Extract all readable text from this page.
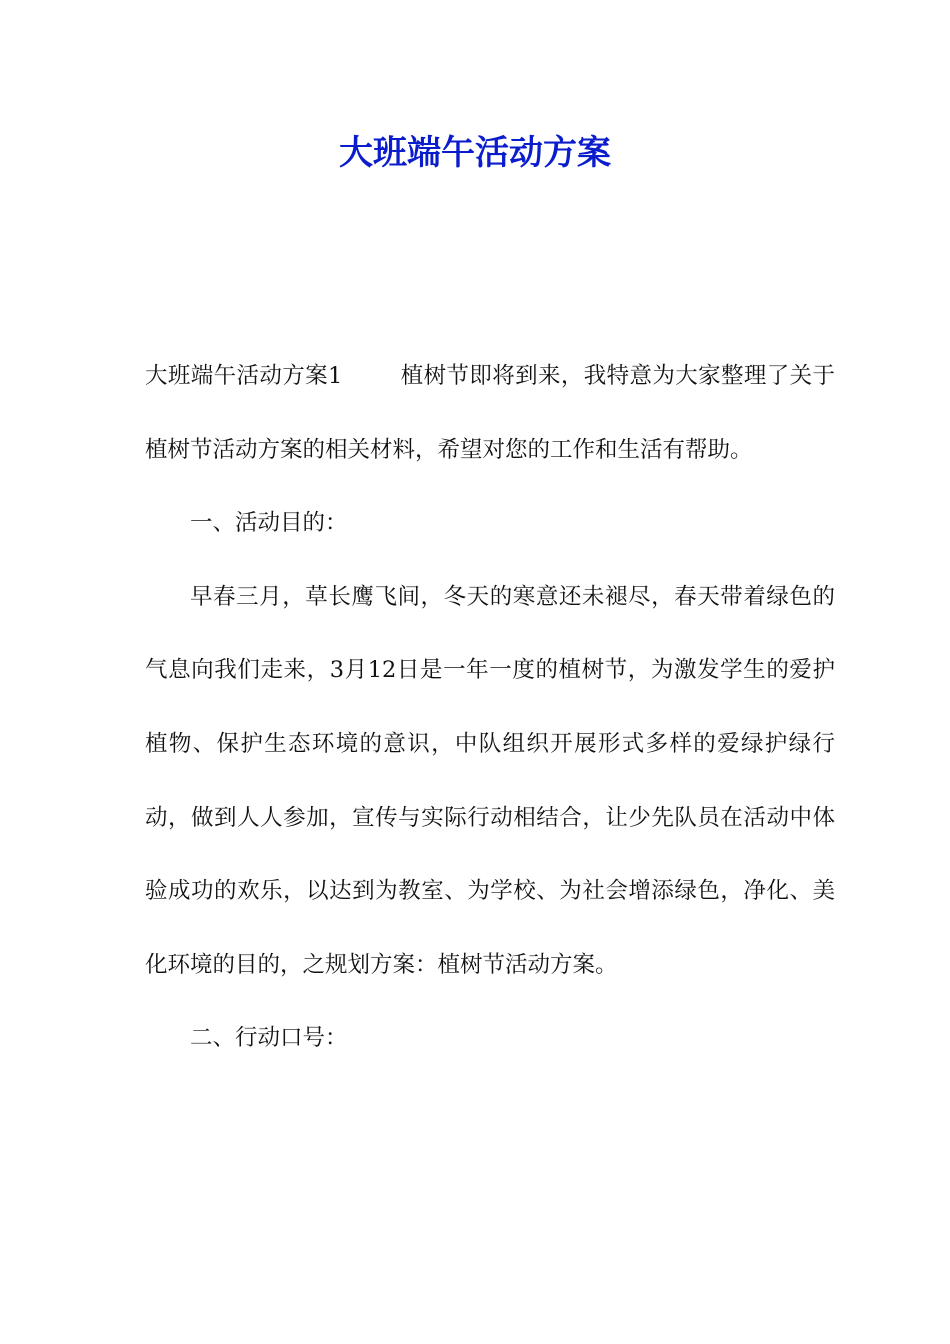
大班端午活动方案

大班端午活动方案1	植树节即将到来，我特意为大家整理了关于植树节活动方案的相关材料，希望对您的工作和生活有帮助。

一、活动目的：

早春三月，草长鹰飞间，冬天的寒意还未褪尽，春天带着绿色的气息向我们走来，3月12日是一年一度的植树节，为激发学生的爱护植物、保护生态环境的意识，中队组织开展形式多样的爱绿护绿行动，做到人人参加，宣传与实际行动相结合，让少先队员在活动中体验成功的欢乐，以达到为教室、为学校、为社会增添绿色，净化、美化环境的目的，之规划方案：植树节活动方案。

二、行动口号：
